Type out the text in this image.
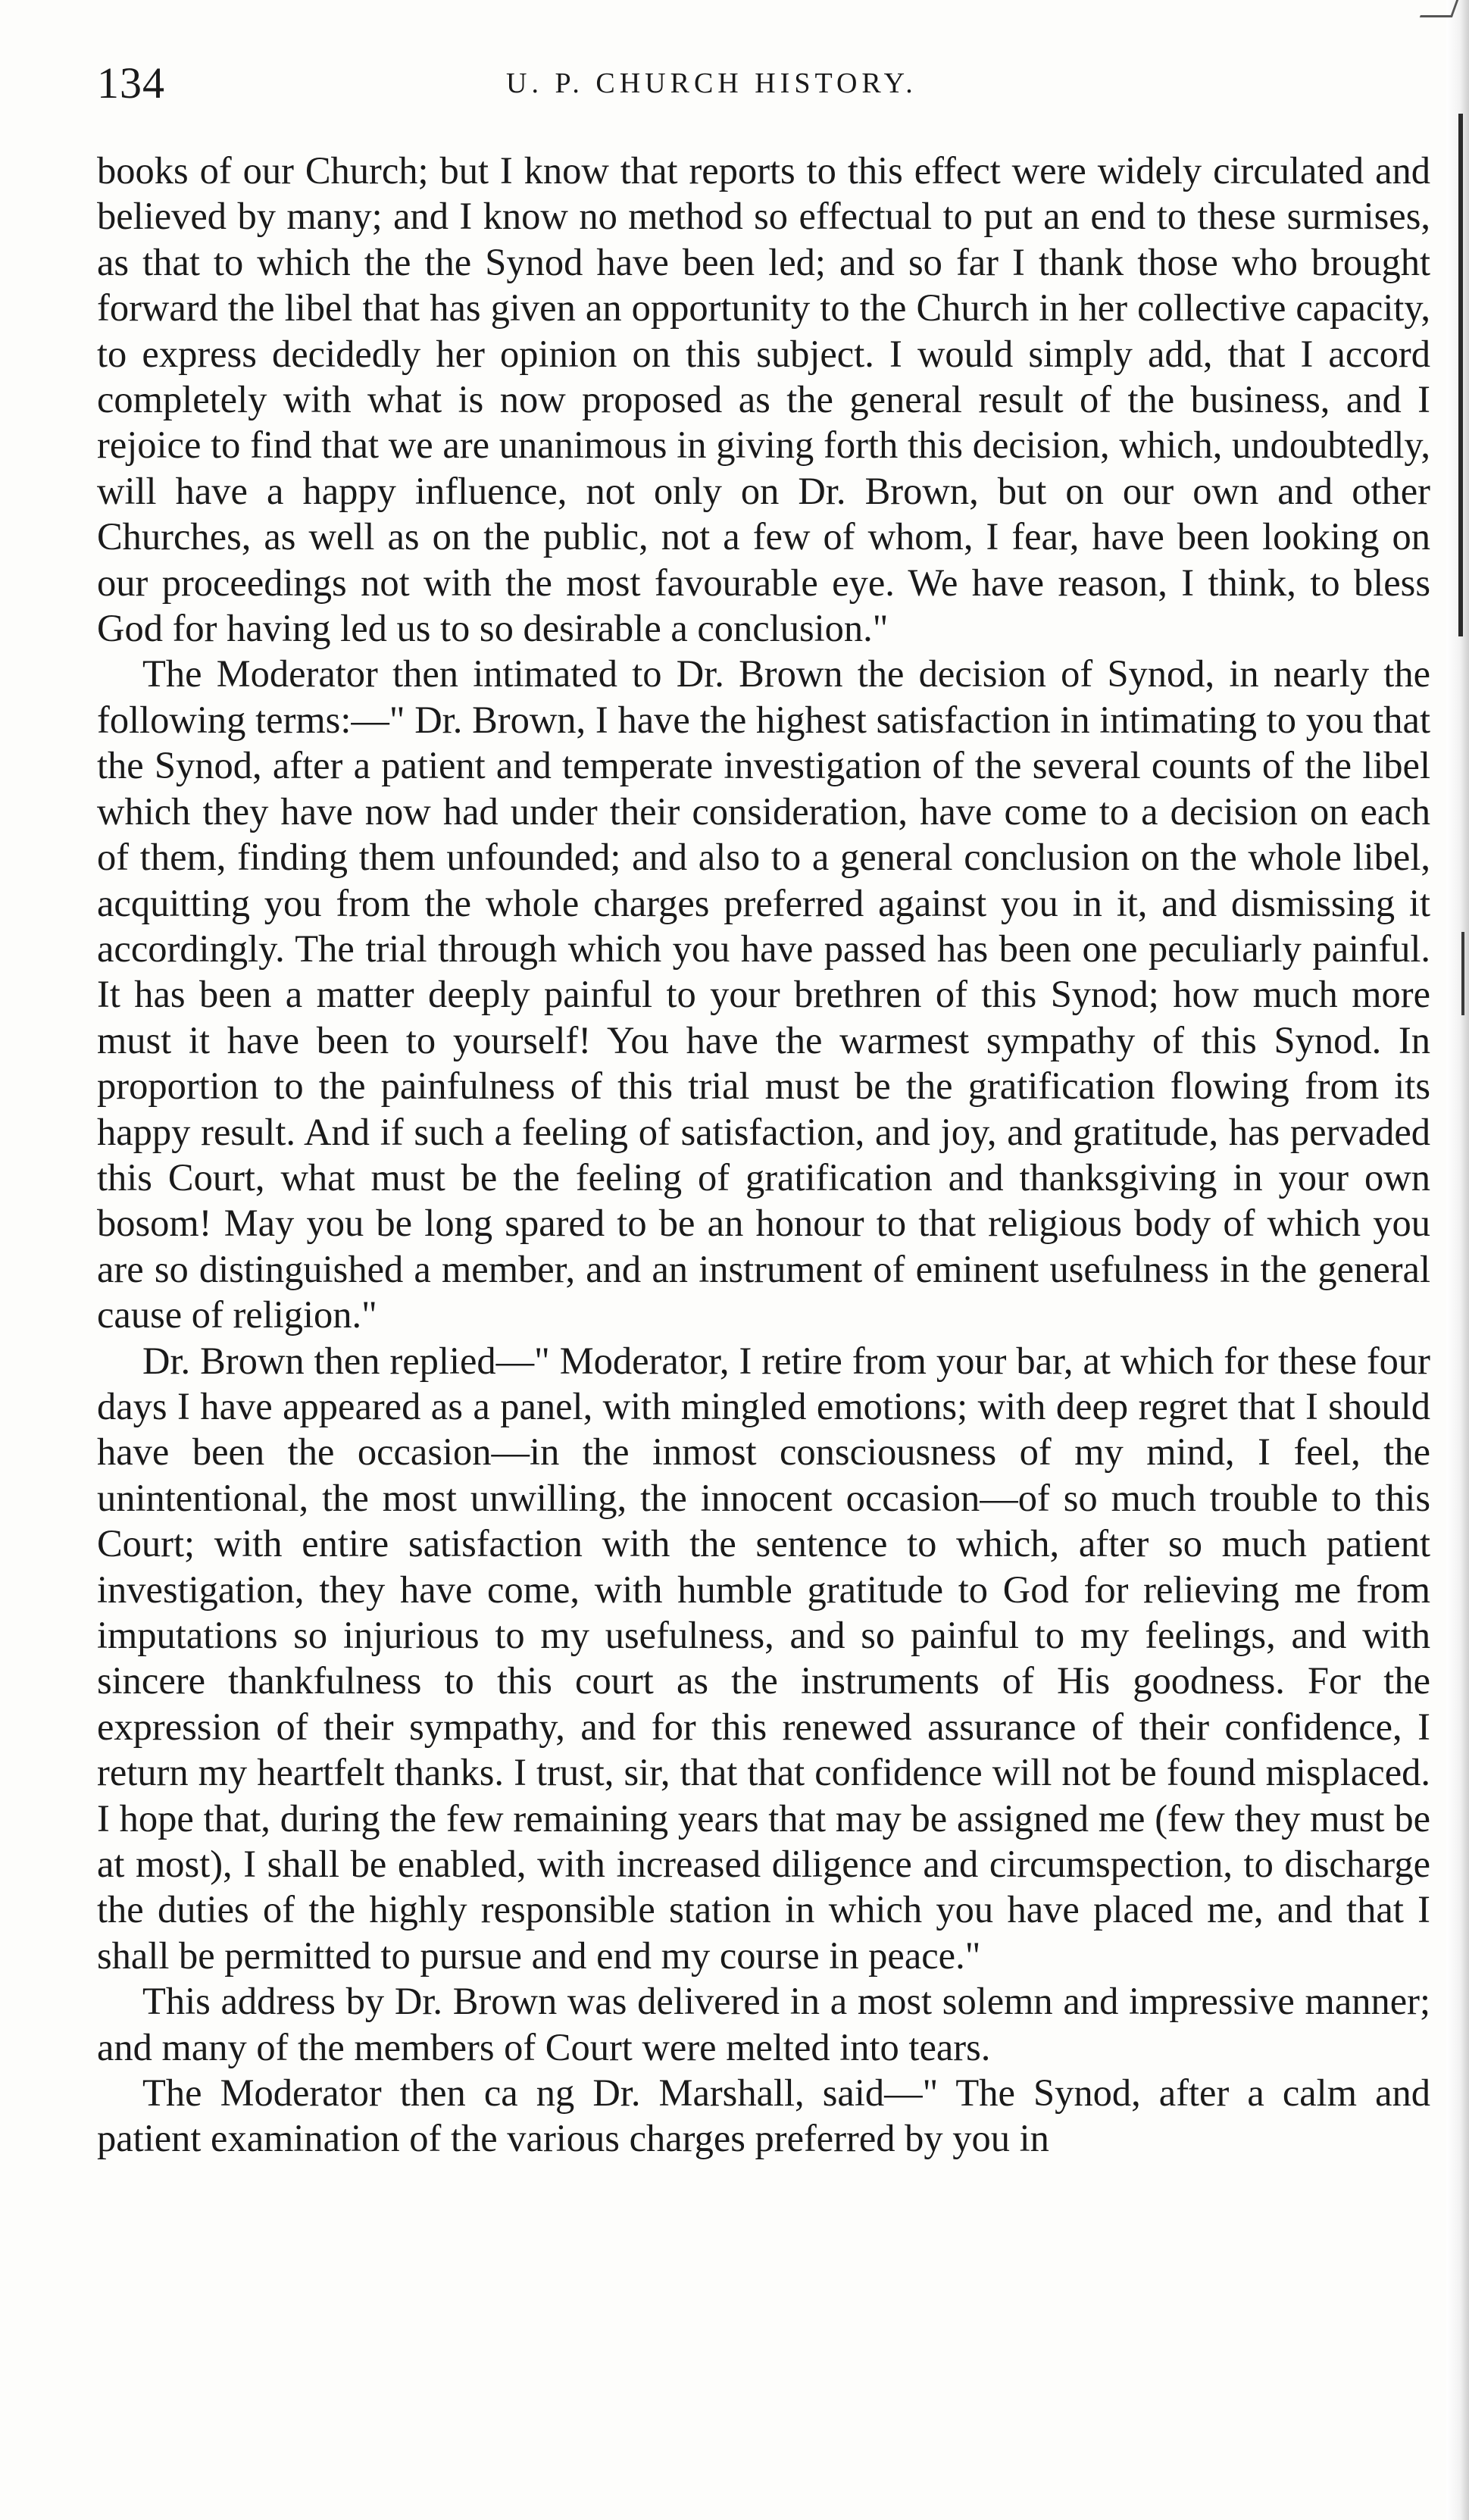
134	U. P. CHURCH HISTORY.

books of our Church; but I know that reports to this effect were widely circulated and believed by many; and I know no method so effectual to put an end to these surmises, as that to which the the Synod have been led; and so far I thank those who brought forward the libel that has given an opportunity to the Church in her collective capacity, to express decidedly her opinion on this subject. I would simply add, that I accord completely with what is now proposed as the general result of the business, and I rejoice to find that we are unanimous in giving forth this decision, which, undoubtedly, will have a happy influence, not only on Dr. Brown, but on our own and other Churches, as well as on the public, not a few of whom, I fear, have been looking on our proceedings not with the most favourable eye. We have reason, I think, to bless God for having led us to so desirable a conclusion."

The Moderator then intimated to Dr. Brown the decision of Synod, in nearly the following terms:—" Dr. Brown, I have the highest satisfaction in intimating to you that the Synod, after a patient and temperate investigation of the several counts of the libel which they have now had under their consideration, have come to a decision on each of them, finding them unfounded; and also to a general conclusion on the whole libel, acquitting you from the whole charges preferred against you in it, and dismissing it accordingly. The trial through which you have passed has been one peculiarly painful. It has been a matter deeply painful to your brethren of this Synod; how much more must it have been to yourself! You have the warmest sympathy of this Synod. In proportion to the painfulness of this trial must be the gratification flowing from its happy result. And if such a feeling of satisfaction, and joy, and gratitude, has pervaded this Court, what must be the feeling of gratification and thanksgiving in your own bosom! May you be long spared to be an honour to that religious body of which you are so distinguished a member, and an instrument of eminent usefulness in the general cause of religion."

Dr. Brown then replied—" Moderator, I retire from your bar, at which for these four days I have appeared as a panel, with mingled emotions; with deep regret that I should have been the occasion—in the inmost consciousness of my mind, I feel, the unintentional, the most unwilling, the innocent occasion—of so much trouble to this Court; with entire satisfaction with the sentence to which, after so much patient investigation, they have come, with humble gratitude to God for relieving me from imputations so injurious to my usefulness, and so painful to my feelings, and with sincere thankfulness to this court as the instruments of His goodness. For the expression of their sympathy, and for this renewed assurance of their confidence, I return my heartfelt thanks. I trust, sir, that that confidence will not be found misplaced. I hope that, during the few remaining years that may be assigned me (few they must be at most), I shall be enabled, with increased diligence and circumspection, to discharge the duties of the highly responsible station in which you have placed me, and that I shall be permitted to pursue and end my course in peace."

This address by Dr. Brown was delivered in a most solemn and impressive manner; and many of the members of Court were melted into tears.

The Moderator then ca ng Dr. Marshall, said—" The Synod, after a calm and patient examination of the various charges preferred by you in
